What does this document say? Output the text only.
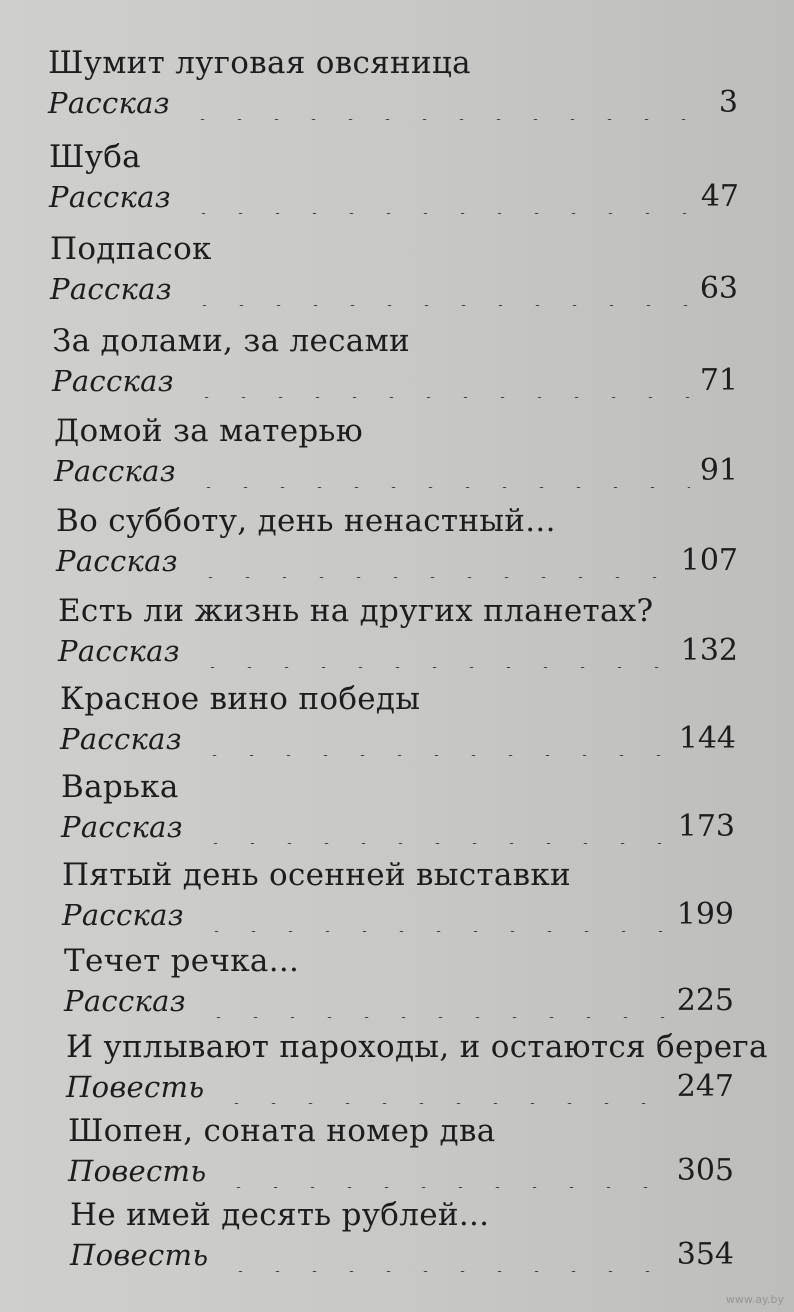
Шумит луговая овсяница
Рассказ	3
Шуба
Рассказ	47
Подпасок
Рассказ	63
За долами, за лесами
Рассказ	71
Домой за матерью
Рассказ	91
Во субботу, день ненастный...
Рассказ	107
Есть ли жизнь на других планетах?
Рассказ	132
Красное вино победы
Рассказ	144
Варька
Рассказ	173
Пятый день осенней выставки
Рассказ	199
Течет речка...
Рассказ	225
И уплывают пароходы, и остаются берега
Повесть	247
Шопен, соната номер два
Повесть	305
Не имей десять рублей...
Повесть	354
www.ay.by
